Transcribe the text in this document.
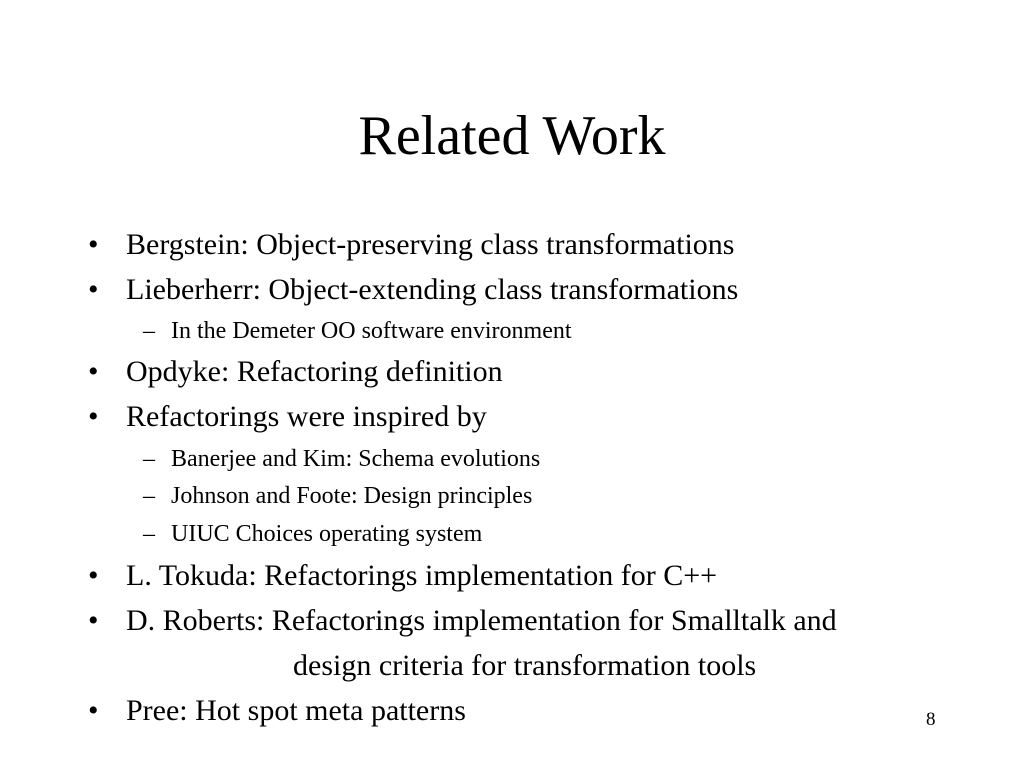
Related Work
• Bergstein: Object-preserving class transformations
• Lieberherr: Object-extending class transformations
– In the Demeter OO software environment
• Opdyke: Refactoring definition
• Refactorings were inspired by
– Banerjee and Kim: Schema evolutions
– Johnson and Foote: Design principles
– UIUC Choices operating system
• L. Tokuda: Refactorings implementation for C++
• D. Roberts: Refactorings implementation for Smalltalk and
design criteria for transformation tools
• Pree: Hot spot meta patterns	8
